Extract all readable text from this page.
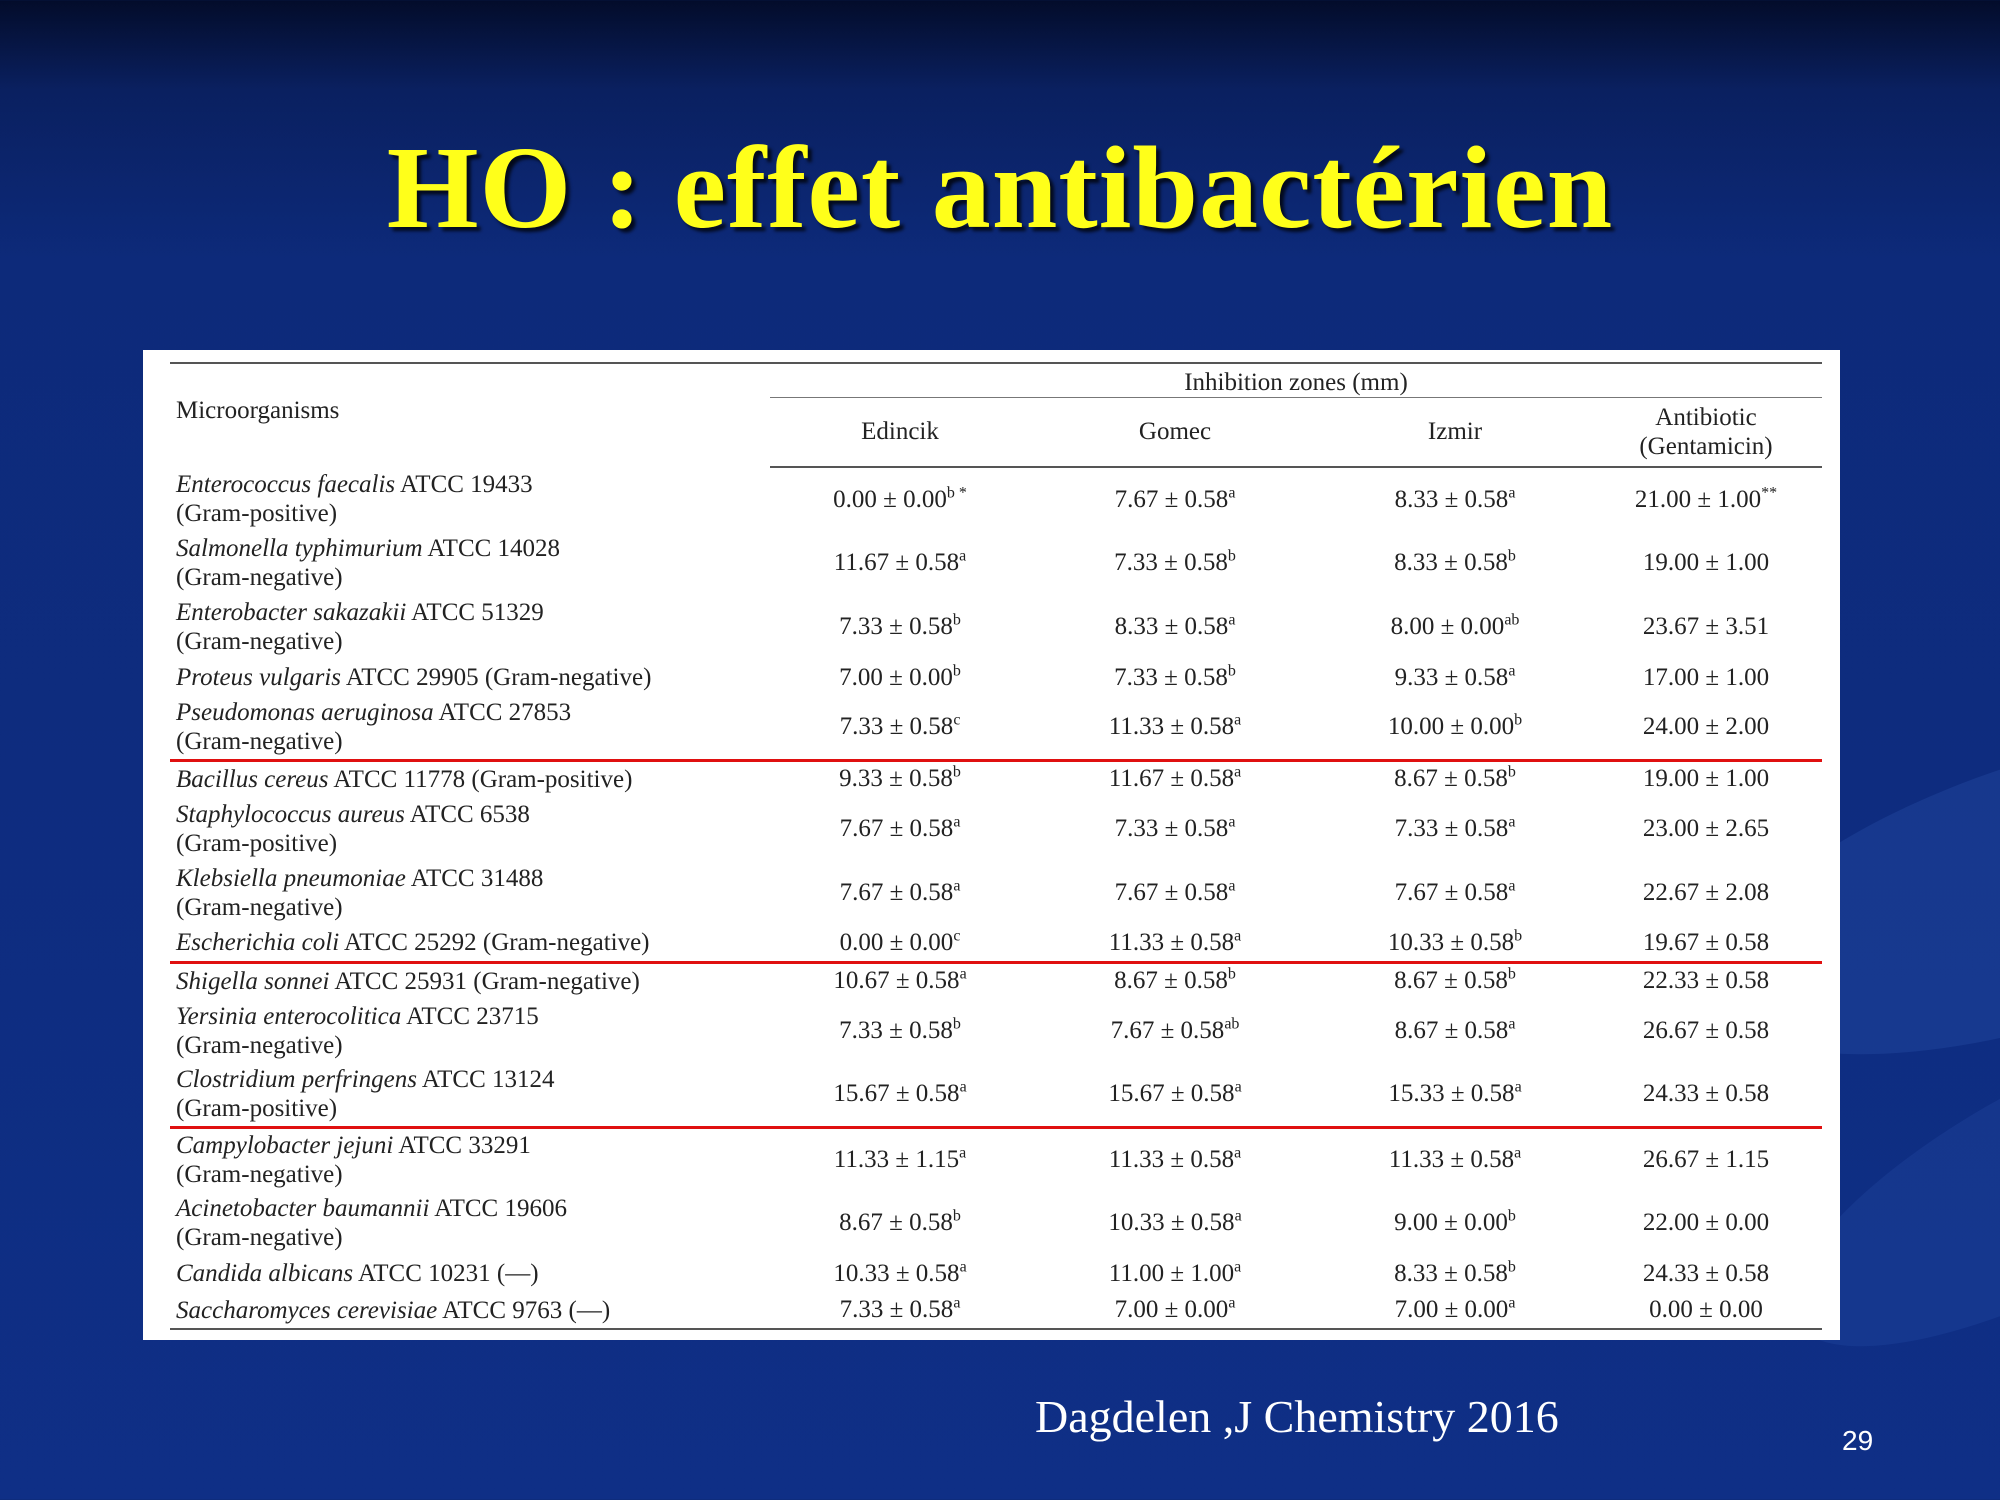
HO : effet antibactérien
Microorganisms	Inhibition zones (mm)			
	Edincik	Gomec	Izmir	Antibiotic
(Gentamicin)

Enterococcus faecalis ATCC 19433
(Gram-positive)	$0.00 \pm 0.00^{b *}$	7.67 ± 0.58$^a$	8.33 ± 0.58$^a$	21.00 ± 1.00**
Salmonella typhimurium ATCC 14028
(Gram-negative)	11.67 ± 0.58$^a$	7.33 ± 0.58$^b$	8.33 ± 0.58$^b$	19.00 ± 1.00
Enterobacter sakazakii ATCC 51329
(Gram-negative)	7.33 ± 0.58$^b$	8.33 ± 0.58$^a$	8.00 ± 0.00$^{ab}$	23.67 ± 3.51
Proteus vulgaris ATCC 29905 (Gram-negative)	7.00 ± 0.00$^b$	7.33 ± 0.58$^b$	9.33 ± 0.58$^a$	17.00 ± 1.00
Pseudomonas aeruginosa ATCC 27853
(Gram-negative)	7.33 ± 0.58$^c$	11.33 ± 0.58$^a$	10.00 ± 0.00$^b$	24.00 ± 2.00
Bacillus cereus ATCC 11778 (Gram-positive)	9.33 ± 0.58$^b$	11.67 ± 0.58$^a$	8.67 ± 0.58$^b$	19.00 ± 1.00
Staphylococcus aureus ATCC 6538
(Gram-positive)	7.67 ± 0.58$^a$	7.33 ± 0.58$^a$	7.33 ± 0.58$^a$	23.00 ± 2.65
Klebsiella pneumoniae ATCC 31488
(Gram-negative)	7.67 ± 0.58$^a$	7.67 ± 0.58$^a$	7.67 ± 0.58$^a$	22.67 ± 2.08
Escherichia coli ATCC 25292 (Gram-negative)	0.00 ± 0.00$^c$	11.33 ± 0.58$^a$	10.33 ± 0.58$^b$	19.67 ± 0.58
Shigella sonnei ATCC 25931 (Gram-negative)	10.67 ± 0.58$^a$	8.67 ± 0.58$^b$	8.67 ± 0.58$^b$	22.33 ± 0.58
Yersinia enterocolitica ATCC 23715
(Gram-negative)	7.33 ± 0.58$^b$	7.67 ± 0.58$^{ab}$	8.67 ± 0.58$^a$	26.67 ± 0.58
Clostridium perfringens ATCC 13124
(Gram-positive)	15.67 ± 0.58$^a$	15.67 ± 0.58$^a$	15.33 ± 0.58$^a$	24.33 ± 0.58
Campylobacter jejuni ATCC 33291
(Gram-negative)	11.33 ± 1.15$^a$	11.33 ± 0.58$^a$	11.33 ± 0.58$^a$	26.67 ± 1.15
Acinetobacter baumannii ATCC 19606
(Gram-negative)	8.67 ± 0.58$^b$	10.33 ± 0.58$^a$	9.00 ± 0.00$^b$	22.00 ± 0.00
Candida albicans ATCC 10231 (—)	10.33 ± 0.58$^a$	11.00 ± 1.00$^a$	8.33 ± 0.58$^b$	24.33 ± 0.58
Saccharomyces cerevisiae ATCC 9763 (—)	7.33 ± 0.58$^a$	7.00 ± 0.00$^a$	7.00 ± 0.00$^a$	0.00 ± 0.00
Dagdelen ,J Chemistry 2016	29
